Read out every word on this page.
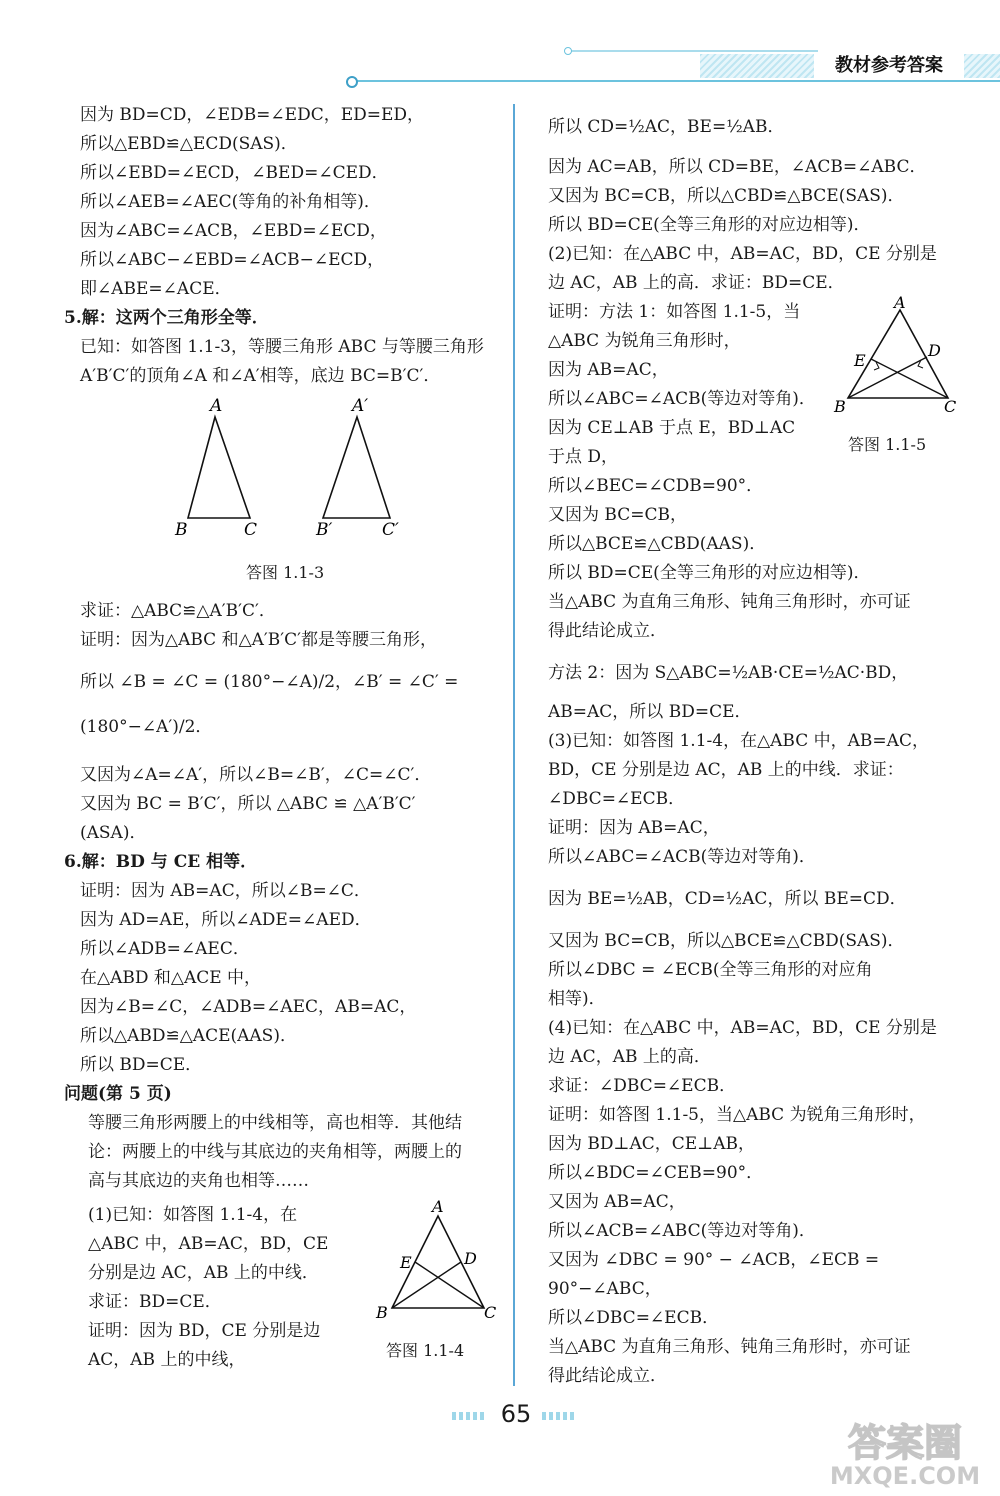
教材参考答案
因为 BD=CD，∠EDB=∠EDC，ED=ED，
所以△EBD≌△ECD(SAS)．
所以∠EBD=∠ECD，∠BED=∠CED．
所以∠AEB=∠AEC(等角的补角相等)．
因为∠ABC=∠ACB，∠EBD=∠ECD，
所以∠ABC−∠EBD=∠ACB−∠ECD，
即∠ABE=∠ACE．
5.解：这两个三角形全等．
已知：如答图 1.1-3，等腰三角形 ABC 与等腰三角形
A′B′C′的顶角∠A 和∠A′相等，底边 BC=B′C′．
求证：△ABC≌△A′B′C′．
证明：因为△ABC 和△A′B′C′都是等腰三角形，
所以 ∠B = ∠C = (180°−∠A)/2，∠B′ = ∠C′ =
(180°−∠A′)/2．
又因为∠A=∠A′，所以∠B=∠B′，∠C=∠C′．
又因为 BC = B′C′，所以 △ABC ≌ △A′B′C′
(ASA)．
6.解：BD 与 CE 相等．
证明：因为 AB=AC，所以∠B=∠C．
因为 AD=AE，所以∠ADE=∠AED．
所以∠ADB=∠AEC．
在△ABD 和△ACE 中，
因为∠B=∠C，∠ADB=∠AEC，AB=AC，
所以△ABD≌△ACE(AAS)．
所以 BD=CE．
问题(第 5 页)
等腰三角形两腰上的中线相等，高也相等．其他结
论：两腰上的中线与其底边的夹角相等，两腰上的
高与其底边的夹角也相等……
(1)已知：如答图 1.1-4，在
△ABC 中，AB=AC，BD，CE
分别是边 AC，AB 上的中线．
求证：BD=CE．
证明：因为 BD，CE 分别是边
AC，AB 上的中线，
A
B	C
A′
B′	C′
答图 1.1-3
A
B	C
D
E
答图 1.1-4
所以 CD=½AC，BE=½AB．
因为 AC=AB，所以 CD=BE，∠ACB=∠ABC．
又因为 BC=CB，所以△CBD≌△BCE(SAS)．
所以 BD=CE(全等三角形的对应边相等)．
(2)已知：在△ABC 中，AB=AC，BD，CE 分别是
边 AC，AB 上的高．求证：BD=CE．
证明：方法 1：如答图 1.1-5，当
△ABC 为锐角三角形时，
因为 AB=AC，
所以∠ABC=∠ACB(等边对等角)．
因为 CE⊥AB 于点 E，BD⊥AC
于点 D，
所以∠BEC=∠CDB=90°．
又因为 BC=CB，
所以△BCE≌△CBD(AAS)．
所以 BD=CE(全等三角形的对应边相等)．
当△ABC 为直角三角形、钝角三角形时，亦可证
得此结论成立．
方法 2：因为 S△ABC=½AB·CE=½AC·BD，
AB=AC，所以 BD=CE．
(3)已知：如答图 1.1-4，在△ABC 中，AB=AC，
BD，CE 分别是边 AC，AB 上的中线．求证：
∠DBC=∠ECB．
证明：因为 AB=AC，
所以∠ABC=∠ACB(等边对等角)．
因为 BE=½AB，CD=½AC，所以 BE=CD．
又因为 BC=CB，所以△BCE≌△CBD(SAS)．
所以∠DBC = ∠ECB(全等三角形的对应角
相等)．
(4)已知：在△ABC 中，AB=AC，BD，CE 分别是
边 AC，AB 上的高．
求证：∠DBC=∠ECB．
证明：如答图 1.1-5，当△ABC 为锐角三角形时，
因为 BD⊥AC，CE⊥AB，
所以∠BDC=∠CEB=90°．
又因为 AB=AC，
所以∠ACB=∠ABC(等边对等角)．
又因为 ∠DBC = 90° − ∠ACB，∠ECB =
90°−∠ABC，
所以∠DBC=∠ECB．
当△ABC 为直角三角形、钝角三角形时，亦可证
得此结论成立．
A
B	C
D
E
答图 1.1-5
65
答案圈
MXQE.COM
